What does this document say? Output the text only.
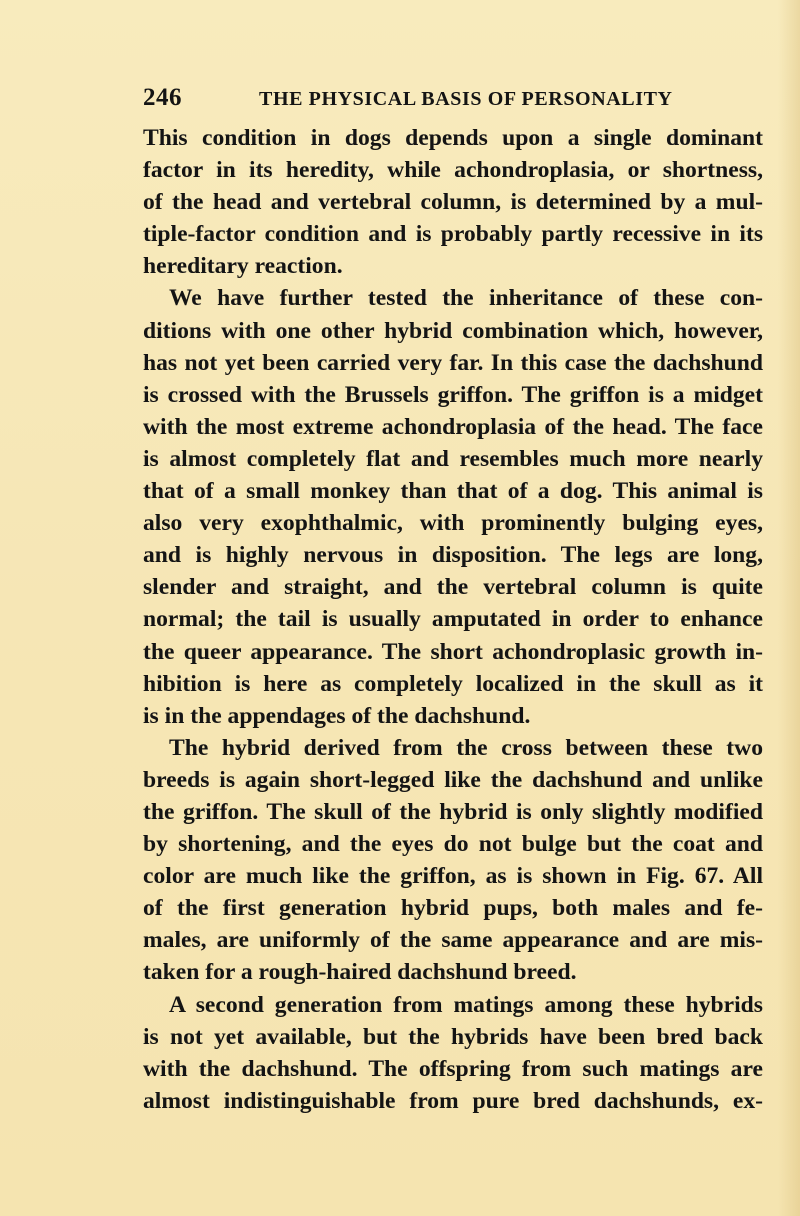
246	THE PHYSICAL BASIS OF PERSONALITY
This condition in dogs depends upon a single dominant
factor in its heredity, while achondroplasia, or shortness,
of the head and vertebral column, is determined by a mul-
tiple-factor condition and is probably partly recessive in its
hereditary reaction.
We have further tested the inheritance of these con-
ditions with one other hybrid combination which, however,
has not yet been carried very far. In this case the dachshund
is crossed with the Brussels griffon. The griffon is a midget
with the most extreme achondroplasia of the head. The face
is almost completely flat and resembles much more nearly
that of a small monkey than that of a dog. This animal is
also very exophthalmic, with prominently bulging eyes,
and is highly nervous in disposition. The legs are long,
slender and straight, and the vertebral column is quite
normal; the tail is usually amputated in order to enhance
the queer appearance. The short achondroplasic growth in-
hibition is here as completely localized in the skull as it
is in the appendages of the dachshund.
The hybrid derived from the cross between these two
breeds is again short-legged like the dachshund and unlike
the griffon. The skull of the hybrid is only slightly modified
by shortening, and the eyes do not bulge but the coat and
color are much like the griffon, as is shown in Fig. 67. All
of the first generation hybrid pups, both males and fe-
males, are uniformly of the same appearance and are mis-
taken for a rough-haired dachshund breed.
A second generation from matings among these hybrids
is not yet available, but the hybrids have been bred back
with the dachshund. The offspring from such matings are
almost indistinguishable from pure bred dachshunds, ex-
